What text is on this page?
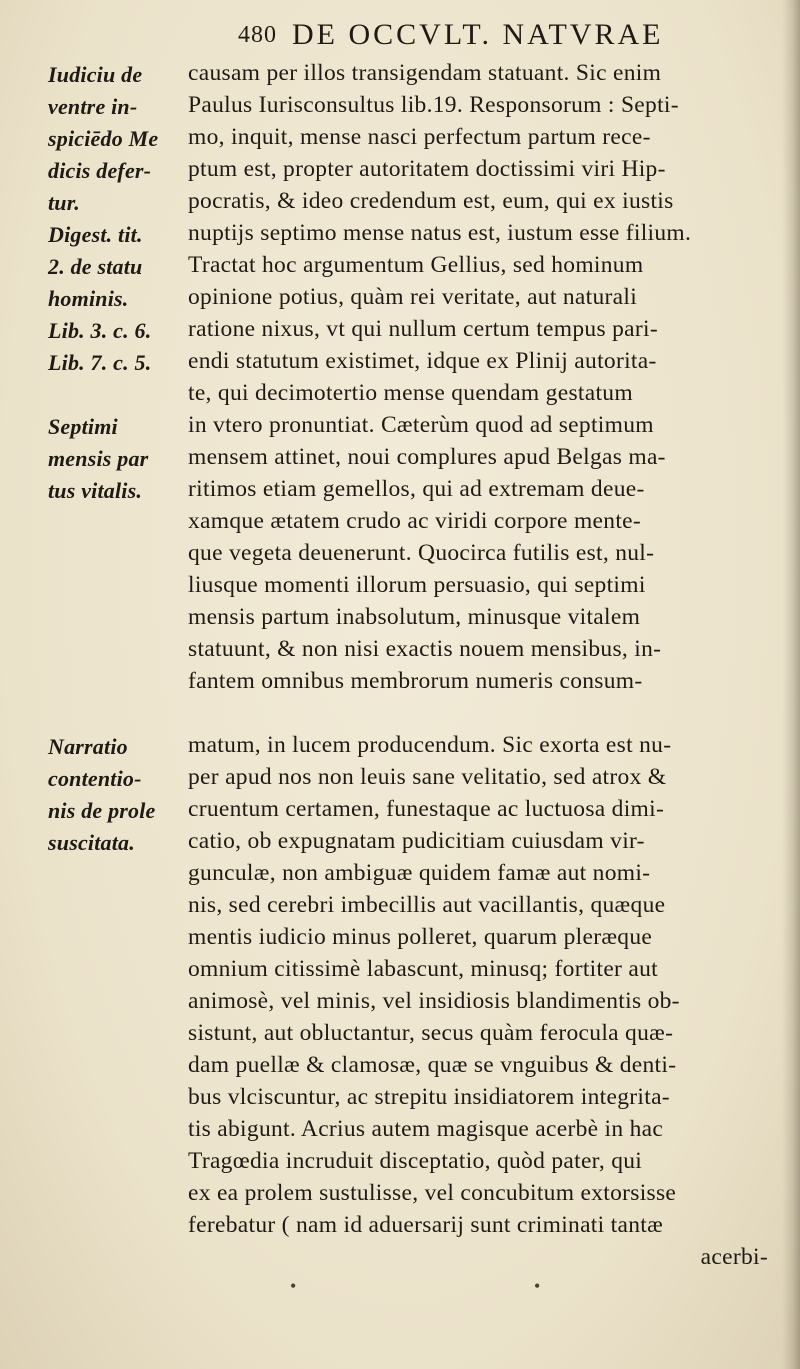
480 DE OCCVLT. NATVRAE
Iudiciu de
ventre in-
spiciēdo Me
dicis defer-
tur.
Digest. tit.
2. de statu
hominis.
Lib. 3. c. 6.
Lib. 7. c. 5.
Septimi
mensis par
tus vitalis.
Narratio
contentio-
nis de prole
suscitata.
causam per illos transigendam statuant. Sic enim
Paulus Iurisconsultus lib.19. Responsorum : Septi-
mo, inquit, mense nasci perfectum partum rece-
ptum est, propter autoritatem doctissimi viri Hip-
pocratis, & ideo credendum est, eum, qui ex iustis
nuptijs septimo mense natus est, iustum esse filium.
Tractat hoc argumentum Gellius, sed hominum
opinione potius, quàm rei veritate, aut naturali
ratione nixus, vt qui nullum certum tempus pari-
endi statutum existimet, idque ex Plinij autorita-
te, qui decimotertio mense quendam gestatum
in vtero pronuntiat. Cæterùm quod ad septimum
mensem attinet, noui complures apud Belgas ma-
ritimos etiam gemellos, qui ad extremam deue-
xamque ætatem crudo ac viridi corpore mente-
que vegeta deuenerunt. Quocirca futilis est, nul-
liusque momenti illorum persuasio, qui septimi
mensis partum inabsolutum, minusque vitalem
statuunt, & non nisi exactis nouem mensibus, in-
fantem omnibus membrorum numeris consum-
matum, in lucem producendum. Sic exorta est nu-
per apud nos non leuis sane velitatio, sed atrox &
cruentum certamen, funestaque ac luctuosa dimi-
catio, ob expugnatam pudicitiam cuiusdam vir-
gunculæ, non ambiguæ quidem famæ aut nomi-
nis, sed cerebri imbecillis aut vacillantis, quæque
mentis iudicio minus polleret, quarum pleræque
omnium citissimè labascunt, minusq; fortiter aut
animosè, vel minis, vel insidiosis blandimentis ob-
sistunt, aut obluctantur, secus quàm ferocula quæ-
dam puellæ & clamosæ, quæ se vnguibus & denti-
bus vlciscuntur, ac strepitu insidiatorem integrita-
tis abigunt. Acrius autem magisque acerbè in hac
Tragœdia incruduit disceptatio, quòd pater, qui
ex ea prolem sustulisse, vel concubitum extorsisse
ferebatur ( nam id aduersarij sunt criminati tantæ
acerbi-
•	•
